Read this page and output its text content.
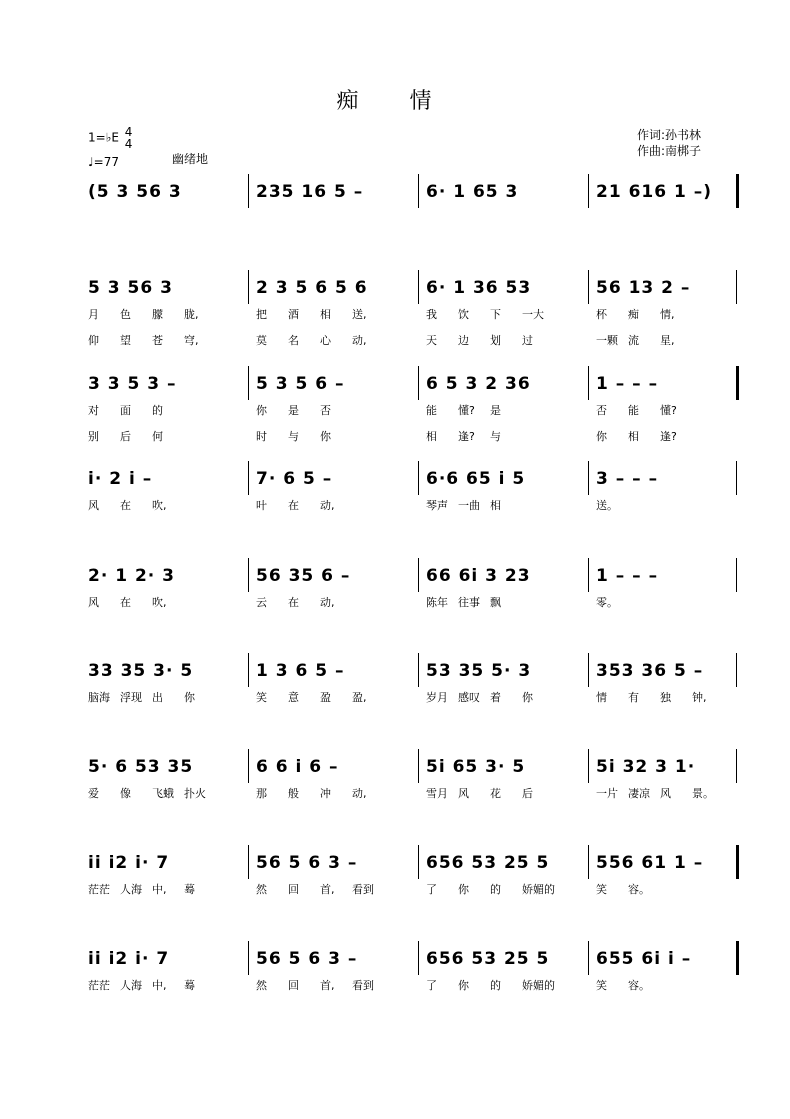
痴 情
1=♭E 4
4
♩=77	幽绪地
作词:孙书林
作曲:南梆子
(5 3 56 3	235 16 5 –	6· 1 65 3	21 616 1 –)
5 3 56 3	2 3 5 6 5 6	6· 1 36 53	56 13 2 –
月 色 朦 胧,	把 酒 相 送,	我 饮 下 一大	杯 痴 情,
仰 望 苍 穹,	莫 名 心 动,	天 边 划 过	一颗 流 星,
3 3 5 3 –	5 3 5 6 –	6 5 3 2 36	1 – – –
对 面 的	你 是 否	能 懂? 是	否 能 懂?
别 后 何	时 与 你	相 逢? 与	你 相 逢?
i· 2 i –	7· 6 5 –	6·6 65 i 5	3 – – –
风 在 吹,	叶 在 动,	琴声 一曲 相	送。
2· 1 2· 3	56 35 6 –	66 6i 3 23	1 – – –
风 在 吹,	云 在 动,	陈年 往事 飘	零。
33 35 3· 5	1 3 6 5 –	53 35 5· 3	353 36 5 –
脑海 浮现 出 你	笑 意 盈 盈,	岁月 感叹 着 你	情 有 独 钟,
5· 6 53 35	6 6 i 6 –	5i 65 3· 5	5i 32 3 1·
爱 像 飞蛾 扑火	那 般 冲 动,	雪月 风 花 后	一片 凄凉 风 景。
ii i2 i· 7	56 5 6 3 –	656 53 25 5	556 61 1 –
茫茫 人海 中, 蓦	然 回 首, 看到	了 你 的 娇媚的	笑 容。
ii i2 i· 7	56 5 6 3 –	656 53 25 5	655 6i i –
茫茫 人海 中, 蓦	然 回 首, 看到	了 你 的 娇媚的	笑 容。
